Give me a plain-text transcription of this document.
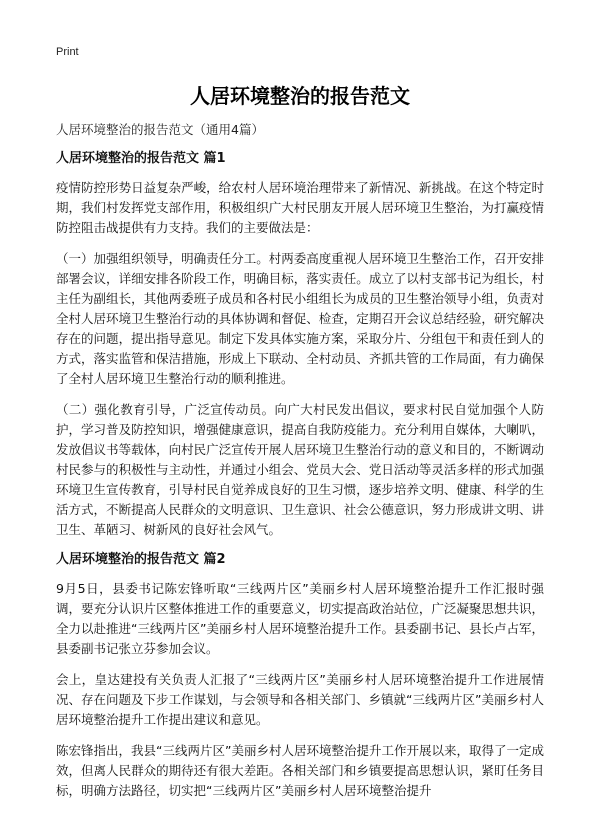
Print
人居环境整治的报告范文
人居环境整治的报告范文（通用4篇）
人居环境整治的报告范文 篇1

疫情防控形势日益复杂严峻，给农村人居环境治理带来了新情况、新挑战。在这个特定时期，我们村发挥党支部作用，积极组织广大村民朋友开展人居环境卫生整治，为打赢疫情防控阻击战提供有力支持。我们的主要做法是：

（一）加强组织领导，明确责任分工。村两委高度重视人居环境卫生整治工作，召开安排部署会议，详细安排各阶段工作，明确目标，落实责任。成立了以村支部书记为组长，村主任为副组长，其他两委班子成员和各村民小组组长为成员的卫生整治领导小组，负责对全村人居环境卫生整治行动的具体协调和督促、检查，定期召开会议总结经验，研究解决存在的问题，提出指导意见。制定下发具体实施方案，采取分片、分组包干和责任到人的方式，落实监管和保洁措施，形成上下联动、全村动员、齐抓共管的工作局面，有力确保了全村人居环境卫生整治行动的顺利推进。

（二）强化教育引导，广泛宣传动员。向广大村民发出倡议，要求村民自觉加强个人防护，学习普及防控知识，增强健康意识，提高自我防疫能力。充分利用自媒体，大喇叭，发放倡议书等载体，向村民广泛宣传开展人居环境卫生整治行动的意义和目的，不断调动村民参与的积极性与主动性，并通过小组会、党员大会、党日活动等灵活多样的形式加强环境卫生宣传教育，引导村民自觉养成良好的卫生习惯，逐步培养文明、健康、科学的生活方式，不断提高人民群众的文明意识、卫生意识、社会公德意识，努力形成讲文明、讲卫生、革陋习、树新风的良好社会风气。

人居环境整治的报告范文 篇2

9月5日，县委书记陈宏锋听取“三线两片区”美丽乡村人居环境整治提升工作汇报时强调，要充分认识片区整体推进工作的重要意义，切实提高政治站位，广泛凝聚思想共识，全力以赴推进“三线两片区”美丽乡村人居环境整治提升工作。县委副书记、县长卢占军，县委副书记张立芬参加会议。

会上，皇达建投有关负责人汇报了“三线两片区”美丽乡村人居环境整治提升工作进展情况、存在问题及下步工作谋划，与会领导和各相关部门、乡镇就“三线两片区”美丽乡村人居环境整治提升工作提出建议和意见。

陈宏锋指出，我县“三线两片区”美丽乡村人居环境整治提升工作开展以来，取得了一定成效，但离人民群众的期待还有很大差距。各相关部门和乡镇要提高思想认识，紧盯任务目标，明确方法路径，切实把“三线两片区”美丽乡村人居环境整治提升
